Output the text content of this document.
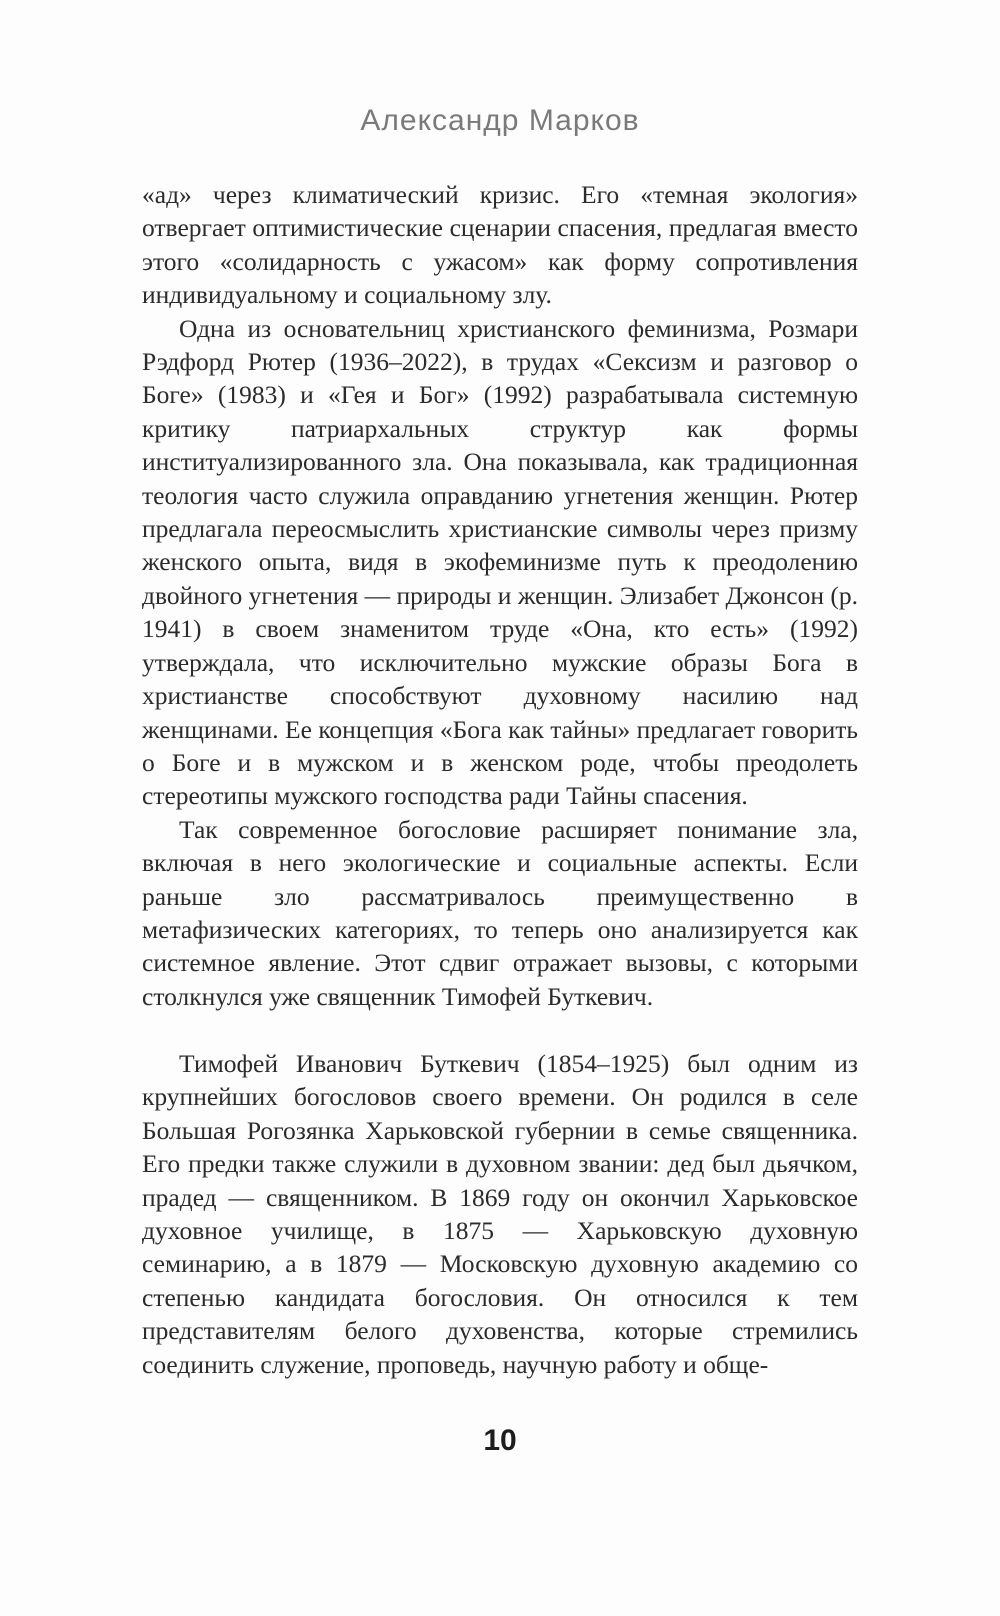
Александр Марков

«ад» через климатический кризис. Его «темная экология» отвергает оптимистические сценарии спасения, предлагая вместо этого «солидарность с ужасом» как форму сопротивления индивидуальному и социальному злу.

Одна из основательниц христианского феминизма, Розмари Рэдфорд Рютер (1936–2022), в трудах «Сексизм и разговор о Боге» (1983) и «Гея и Бог» (1992) разрабатывала системную критику патриархальных структур как формы институализированного зла. Она показывала, как традиционная теология часто служила оправданию угнетения женщин. Рютер предлагала переосмыслить христианские символы через призму женского опыта, видя в экофеминизме путь к преодолению двойного угнетения — природы и женщин. Элизабет Джонсон (р. 1941) в своем знаменитом труде «Она, кто есть» (1992) утверждала, что исключительно мужские образы Бога в христианстве способствуют духовному насилию над женщинами. Ее концепция «Бога как тайны» предлагает говорить о Боге и в мужском и в женском роде, чтобы преодолеть стереотипы мужского господства ради Тайны спасения.

Так современное богословие расширяет понимание зла, включая в него экологические и социальные аспекты. Если раньше зло рассматривалось преимущественно в метафизических категориях, то теперь оно анализируется как системное явление. Этот сдвиг отражает вызовы, с которыми столкнулся уже священник Тимофей Буткевич.

Тимофей Иванович Буткевич (1854–1925) был одним из крупнейших богословов своего времени. Он родился в селе Большая Рогозянка Харьковской губернии в семье священника. Его предки также служили в духовном звании: дед был дьячком, прадед — священником. В 1869 году он окончил Харьковское духовное училище, в 1875 — Харьковскую духовную семинарию, а в 1879 — Московскую духовную академию со степенью кандидата богословия. Он относился к тем представителям белого духовенства, которые стремились соединить служение, проповедь, научную работу и обще-

10
